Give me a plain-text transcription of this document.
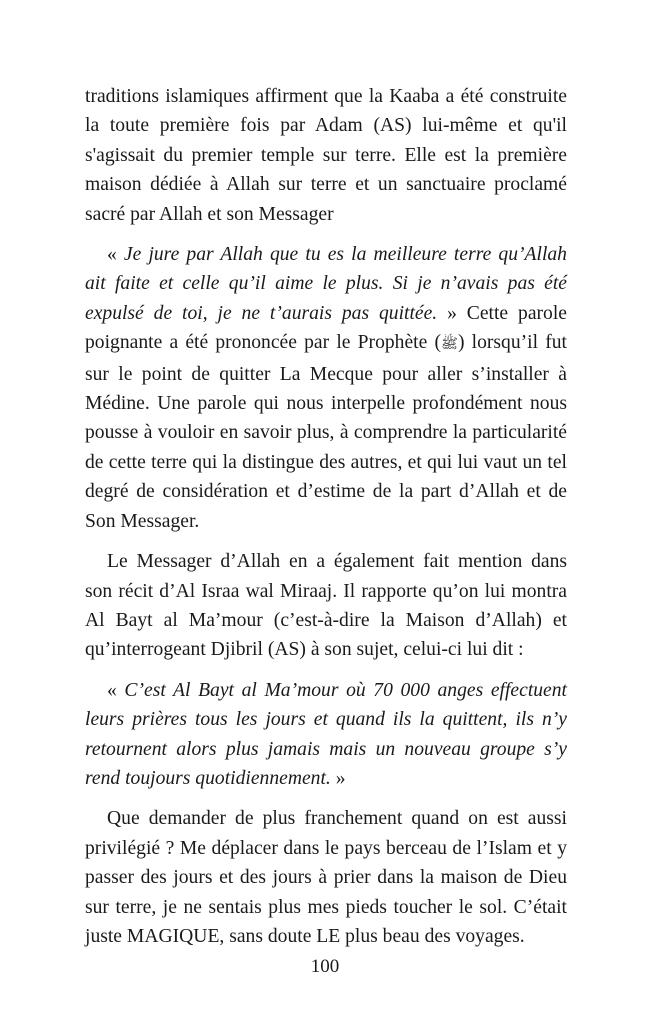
traditions islamiques affirment que la Kaaba a été construite la toute première fois par Adam (AS) lui-même et qu'il s'agissait du premier temple sur terre. Elle est la première maison dédiée à Allah sur terre et un sanctuaire proclamé sacré par Allah et son Messager

« Je jure par Allah que tu es la meilleure terre qu’Allah ait faite et celle qu’il aime le plus. Si je n’avais pas été expulsé de toi, je ne t’aurais pas quittée. » Cette parole poignante a été prononcée par le Prophète (ﷺ) lorsqu’il fut sur le point de quitter La Mecque pour aller s’installer à Médine. Une parole qui nous interpelle profondément nous pousse à vouloir en savoir plus, à comprendre la particularité de cette terre qui la distingue des autres, et qui lui vaut un tel degré de considération et d’estime de la part d’Allah et de Son Messager.

Le Messager d’Allah en a également fait mention dans son récit d’Al Israa wal Miraaj. Il rapporte qu’on lui montra Al Bayt al Ma’mour (c’est-à-dire la Maison d’Allah) et qu’interrogeant Djibril (AS) à son sujet, celui-ci lui dit :

« C’est Al Bayt al Ma’mour où 70 000 anges effectuent leurs prières tous les jours et quand ils la quittent, ils n’y retournent alors plus jamais mais un nouveau groupe s’y rend toujours quotidiennement. »

Que demander de plus franchement quand on est aussi privilégié ? Me déplacer dans le pays berceau de l’Islam et y passer des jours et des jours à prier dans la maison de Dieu sur terre, je ne sentais plus mes pieds toucher le sol. C’était juste MAGIQUE, sans doute LE plus beau des voyages.

100
